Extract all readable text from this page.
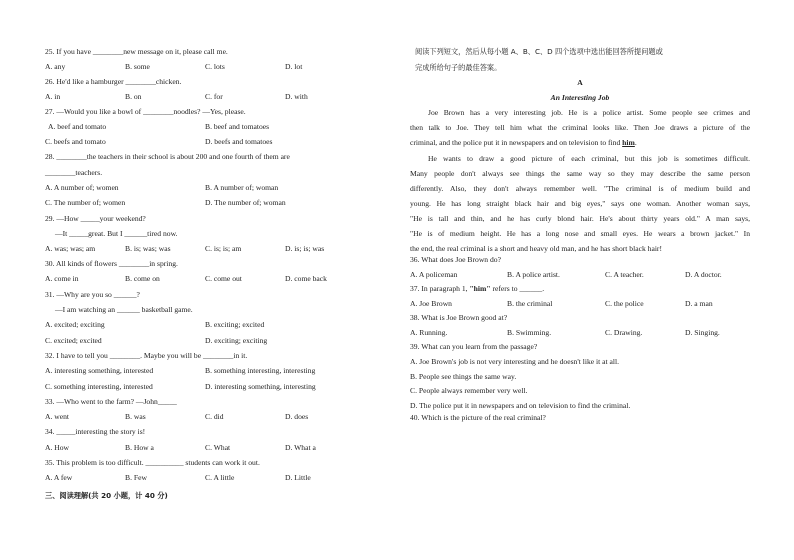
25. If you have ________new message on it, please call me.
A. any	B. some	C. lots	D. lot
26. He'd like a hamburger ________chicken.
A. in	B. on	C. for	D. with
27. —Would you like a bowl of ________noodles? —Yes, please.
A. beef and tomato	B. beef and tomatoes
C. beefs and tomato	D. beefs and tomatoes
28. ________the teachers in their school is about 200 and one fourth of them are
________teachers.
A. A number of; women	B. A number of; woman
C. The number of; women	D. The number of; woman
29. —How _____your weekend?
—It _____great. But I ______tired now.
A. was; was; am	B. is; was; was	C. is; is; am	D. is; is; was
30. All kinds of flowers ________in spring.
A. come in	B. come on	C. come out	D. come back
31. —Why are you so ______?
—I am watching an ______ basketball game.
A. excited; exciting	B. exciting; excited
C. excited; excited	D. exciting; exciting
32. I have to tell you ________. Maybe you will be ________in it.
A. interesting something, interested	B. something interesting, interesting
C. something interesting, interested	D. interesting something, interesting
33. —Who went to the farm? —John_____
A. went	B. was	C. did	D. does
34. _____interesting the story is!
A. How	B. How a	C. What	D. What a
35. This problem is too difficult. __________ students can work it out.
A. A few	B. Few	C. A little	D. Little
三、阅读理解(共 20 小题，计 40 分)
阅读下列短文，然后从每小题 A、B、C、D 四个选项中选出能回答所提问题或
完成所给句子的最佳答案。
A
An Interesting Job
Joe Brown has a very interesting job. He is a police artist. Some people see crimes and
then talk to Joe. They tell him what the criminal looks like. Then Joe draws a picture of the
criminal, and the police put it in newspapers and on television to find him.
He wants to draw a good picture of each criminal, but this job is sometimes difficult.
Many people don't always see things the same way so they may describe the same person
differently. Also, they don't always remember well. "The criminal is of medium build and
young. He has long straight black hair and big eyes," says one woman. Another woman says,
"He is tall and thin, and he has curly blond hair. He's about thirty years old." A man says,
"He is of medium height. He has a long nose and small eyes. He wears a brown jacket." In
the end, the real criminal is a short and heavy old man, and he has short black hair!
36. What does Joe Brown do?
A. A policeman	B. A police artist.	C. A teacher.	D. A doctor.
37. In paragraph 1, "him" refers to ______.
A. Joe Brown	B. the criminal	C. the police	D. a man
38. What is Joe Brown good at?
A. Running.	B. Swimming.	C. Drawing.	D. Singing.
39. What can you learn from the passage?
A. Joe Brown's job is not very interesting and he doesn't like it at all.
B. People see things the same way.
C. People always remember very well.
D. The police put it in newspapers and on television to find the criminal.
40. Which is the picture of the real criminal?
